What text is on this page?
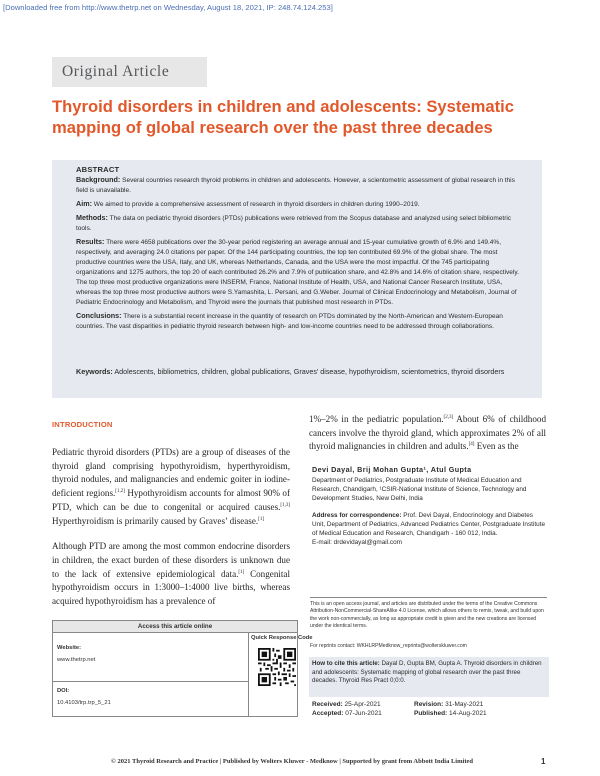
[Downloaded free from http://www.thetrp.net on Wednesday, August 18, 2021, IP: 248.74.124.253]
Original Article
Thyroid disorders in children and adolescents: Systematic mapping of global research over the past three decades
ABSTRACT

Background: Several countries research thyroid problems in children and adolescents. However, a scientometric assessment of global research in this field is unavailable.

Aim: We aimed to provide a comprehensive assessment of research in thyroid disorders in children during 1990–2019.

Methods: The data on pediatric thyroid disorders (PTDs) publications were retrieved from the Scopus database and analyzed using select bibliometric tools.

Results: There were 4658 publications over the 30-year period registering an average annual and 15-year cumulative growth of 6.9% and 149.4%, respectively, and averaging 24.0 citations per paper. Of the 144 participating countries, the top ten contributed 69.9% of the global share. The most productive countries were the USA, Italy, and UK, whereas Netherlands, Canada, and the USA were the most impactful. Of the 745 participating organizations and 1275 authors, the top 20 of each contributed 26.2% and 7.9% of publication share, and 42.8% and 14.6% of citation share, respectively. The top three most productive organizations were INSERM, France, National Institute of Health, USA, and National Cancer Research Institute, USA, whereas the top three most productive authors were S.Yamashita, L. Persani, and G.Weber. Journal of Clinical Endocrinology and Metabolism, Journal of Pediatric Endocrinology and Metabolism, and Thyroid were the journals that published most research in PTDs.

Conclusions: There is a substantial recent increase in the quantity of research on PTDs dominated by the North-American and Western-European countries. The vast disparities in pediatric thyroid research between high- and low-income countries need to be addressed through collaborations.

Keywords: Adolescents, bibliometrics, children, global publications, Graves’ disease, hypothyroidism, scientometrics, thyroid disorders
INTRODUCTION

Pediatric thyroid disorders (PTDs) are a group of diseases of the thyroid gland comprising hypothyroidism, hyperthyroidism, thyroid nodules, and malignancies and endemic goiter in iodine-deficient regions.[1,2] Hypothyroidism accounts for almost 90% of PTD, which can be due to congenital or acquired causes.[1,3] Hyperthyroidism is primarily caused by Graves’ disease.[1]

Although PTD are among the most common endocrine disorders in children, the exact burden of these disorders is unknown due to the lack of extensive epidemiological data.[1] Congenital hypothyroidism occurs in 1:3000–1:4000 live births, whereas acquired hypothyroidism has a prevalence of

1%–2% in the pediatric population.[2,3] About 6% of childhood cancers involve the thyroid gland, which approximates 2% of all thyroid malignancies in children and adults.[4] Even as the

Devi Dayal, Brij Mohan Gupta¹, Atul Gupta
Department of Pediatrics, Postgraduate Institute of Medical Education and Research, Chandigarh, ¹CSIR-National Institute of Science, Technology and Development Studies, New Delhi, India
Address for correspondence: Prof. Devi Dayal, Endocrinology and Diabetes Unit, Department of Pediatrics, Advanced Pediatrics Center, Postgraduate Institute of Medical Education and Research, Chandigarh - 160 012, India.
E-mail: drdevidayal@gmail.com
This is an open access journal, and articles are distributed under the terms of the Creative Commons Attribution-NonCommercial-ShareAlike 4.0 License, which allows others to remix, tweak, and build upon the work non-commercially, as long as appropriate credit is given and the new creations are licensed under the identical terms.
For reprints contact: WKHLRPMedknow_reprints@wolterskluwer.com
How to cite this article: Dayal D, Gupta BM, Gupta A. Thyroid disorders in children and adolescents: Systematic mapping of global research over the past three decades. Thyroid Res Pract 0;0:0.
Received: 25-Apr-2021	Revision: 31-May-2021
Accepted: 07-Jun-2021	Published: 14-Aug-2021
Access this article online
Website:
www.thetrp.net
DOI:
10.4103/trp.trp_5_21
Quick Response Code
© 2021 Thyroid Research and Practice | Published by Wolters Kluwer - Medknow | Supported by grant from Abbott India Limited	1
